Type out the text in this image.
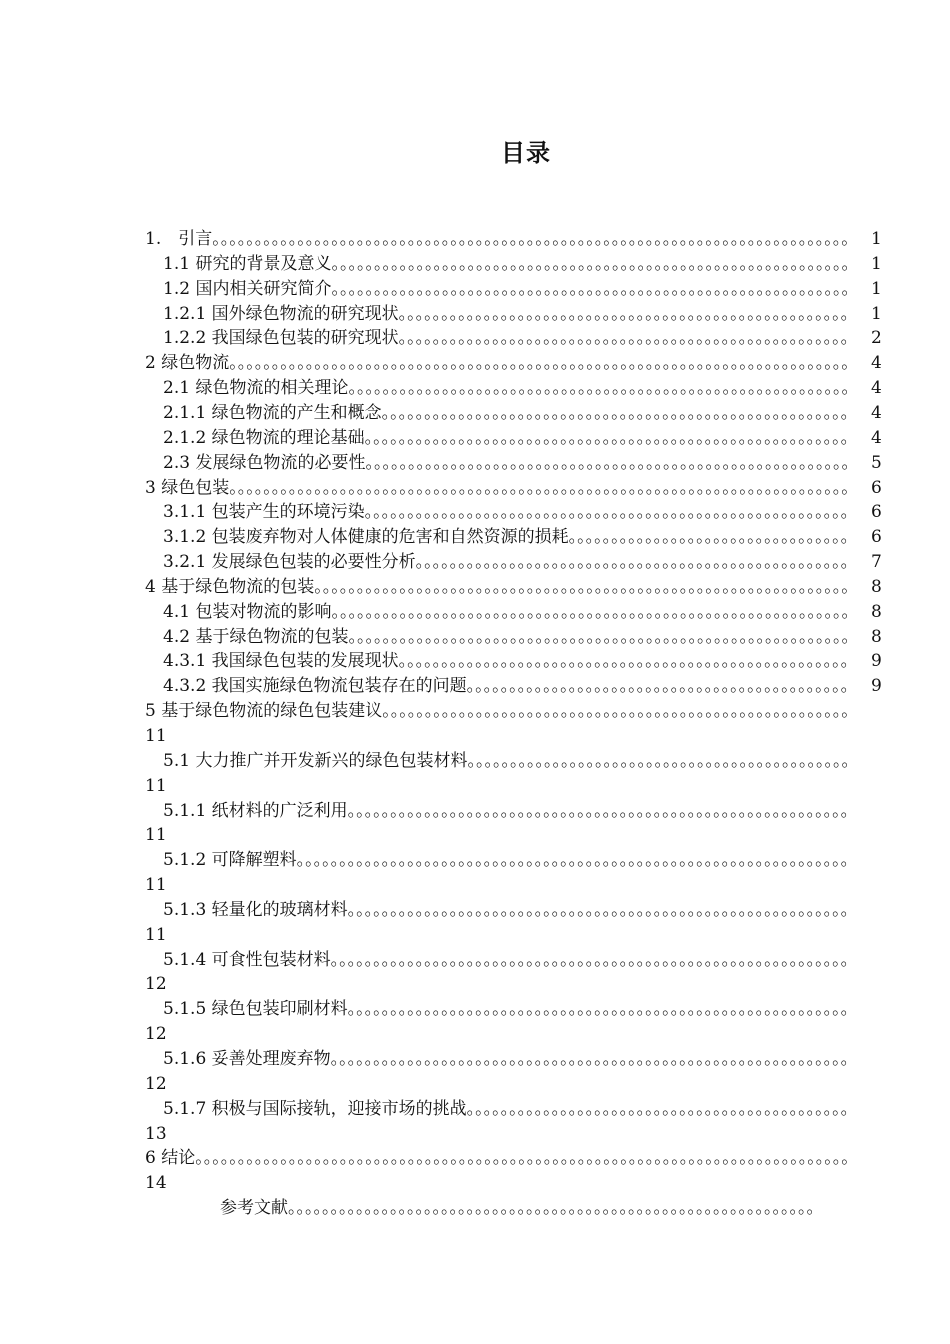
目录
1.　引言。。。。。。。。。。。。。。。。。。。。。。。。。。。。。。。。。。。。。。。。。。。。。。。。。。。。。。。。。。。。。。。。。。。。。。。。。。。 1
1.1 研究的背景及意义。。。。。。。。。。。。。。。。。。。。。。。。。。。。。。。。。。。。。。。。。。。。。。。。。。。。。。。。。。。。。 1
1.2 国内相关研究简介。。。。。。。。。。。。。。。。。。。。。。。。。。。。。。。。。。。。。。。。。。。。。。。。。。。。。。。。。。。。。 1
1.2.1 国外绿色物流的研究现状。。。。。。。。。。。。。。。。。。。。。。。。。。。。。。。。。。。。。。。。。。。。。。。。。。。。。 1
1.2.2 我国绿色包装的研究现状。。。。。。。。。。。。。。。。。。。。。。。。。。。。。。。。。。。。。。。。。。。。。。。。。。。。。 2
2 绿色物流。。。。。。。。。。。。。。。。。。。。。。。。。。。。。。。。。。。。。。。。。。。。。。。。。。。。。。。。。。。。。。。。。。。。。。。。。 4
2.1 绿色物流的相关理论。。。。。。。。。。。。。。。。。。。。。。。。。。。。。。。。。。。。。。。。。。。。。。。。。。。。。。。。。。。 4
2.1.1 绿色物流的产生和概念。。。。。。。。。。。。。。。。。。。。。。。。。。。。。。。。。。。。。。。。。。。。。。。。。。。。。。。 4
2.1.2 绿色物流的理论基础。。。。。。。。。。。。。。。。。。。。。。。。。。。。。。。。。。。。。。。。。。。。。。。。。。。。。。。。。 4
2.3 发展绿色物流的必要性。。。。。。。。。。。。。。。。。。。。。。。。。。。。。。。。。。。。。。。。。。。。。。。。。。。。。。。。。 5
3 绿色包装。。。。。。。。。。。。。。。。。。。。。。。。。。。。。。。。。。。。。。。。。。。。。。。。。。。。。。。。。。。。。。。。。。。。。。。。。 6
3.1.1 包装产生的环境污染。。。。。。。。。。。。。。。。。。。。。。。。。。。。。。。。。。。。。。。。。。。。。。。。。。。。。。。。。 6
3.1.2 包装废弃物对人体健康的危害和自然资源的损耗。。。。。。。。。。。。。。。。。。。。。。。。。。。。。。。。。 6
3.2.1 发展绿色包装的必要性分析。。。。。。。。。。。。。。。。。。。。。。。。。。。。。。。。。。。。。。。。。。。。。。。。。。。 7
4 基于绿色物流的包装。。。。。。。。。。。。。。。。。。。。。。。。。。。。。。。。。。。。。。。。。。。。。。。。。。。。。。。。。。。。。。。 8
4.1 包装对物流的影响。。。。。。。。。。。。。。。。。。。。。。。。。。。。。。。。。。。。。。。。。。。。。。。。。。。。。。。。。。。。。 8
4.2 基于绿色物流的包装。。。。。。。。。。。。。。。。。。。。。。。。。。。。。。。。。。。。。。。。。。。。。。。。。。。。。。。。。。。 8
4.3.1 我国绿色包装的发展现状。。。。。。。。。。。。。。。。。。。。。。。。。。。。。。。。。。。。。。。。。。。。。。。。。。。。。 9
4.3.2 我国实施绿色物流包装存在的问题。。。。。。。。。。。。。。。。。。。。。。。。。。。。。。。。。。。。。。。。。。。。。 9
5 基于绿色物流的绿色包装建议。。。。。。。。。。。。。。。。。。。。。。。。。。。。。。。。。。。。。。。。。。。。。。。。。。。。。。。
11
5.1 大力推广并开发新兴的绿色包装材料。。。。。。。。。。。。。。。。。。。。。。。。。。。。。。。。。。。。。。。。。。。。。
11
5.1.1 纸材料的广泛利用。。。。。。。。。。。。。。。。。。。。。。。。。。。。。。。。。。。。。。。。。。。。。。。。。。。。。。。。。。。
11
5.1.2 可降解塑料。。。。。。。。。。。。。。。。。。。。。。。。。。。。。。。。。。。。。。。。。。。。。。。。。。。。。。。。。。。。。。。。。
11
5.1.3 轻量化的玻璃材料。。。。。。。。。。。。。。。。。。。。。。。。。。。。。。。。。。。。。。。。。。。。。。。。。。。。。。。。。。。
11
5.1.4 可食性包装材料。。。。。。。。。。。。。。。。。。。。。。。。。。。。。。。。。。。。。。。。。。。。。。。。。。。。。。。。。。。。。
12
5.1.5 绿色包装印刷材料。。。。。。。。。。。。。。。。。。。。。。。。。。。。。。。。。。。。。。。。。。。。。。。。。。。。。。。。。。。
12
5.1.6 妥善处理废弃物。。。。。。。。。。。。。。。。。。。。。。。。。。。。。。。。。。。。。。。。。。。。。。。。。。。。。。。。。。。。。
12
5.1.7 积极与国际接轨，迎接市场的挑战。。。。。。。。。。。。。。。。。。。。。。。。。。。。。。。。。。。。。。。。。。。。。
13
6 结论。。。。。。。。。。。。。。。。。。。。。。。。。。。。。。。。。。。。。。。。。。。。。。。。。。。。。。。。。。。。。。。。。。。。。。。。。。。。。
14
参考文献。。。。。。。。。。。。。。。。。。。。。。。。。。。。。。。。。。。。。。。。。。。。。。。。。。。。。。。。。。。。。。
